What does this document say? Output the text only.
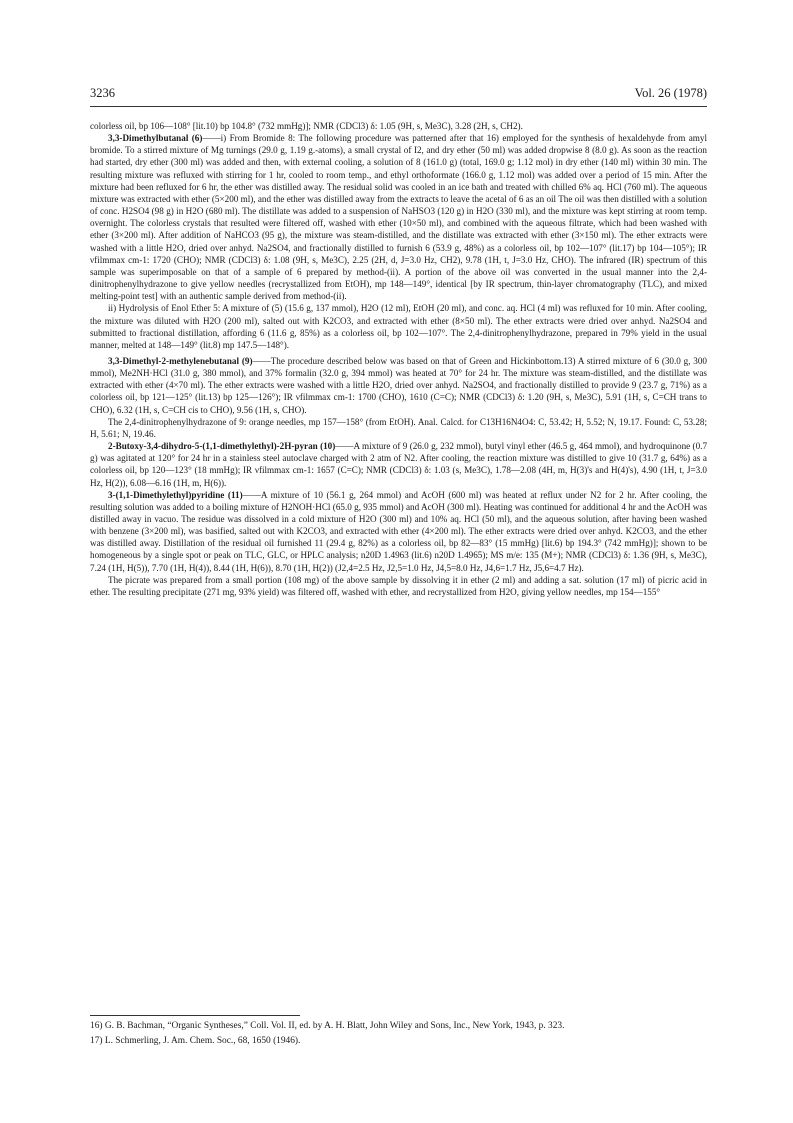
3236	Vol. 26 (1978)

colorless oil, bp 106—108° [lit.10) bp 104.8° (732 mmHg)]; NMR (CDCl3) δ: 1.05 (9H, s, Me3C), 3.28 (2H, s, CH2).

3,3-Dimethylbutanal (6)——i) From Bromide 8: The following procedure was patterned after that 16) employed for the synthesis of hexaldehyde from amyl bromide. To a stirred mixture of Mg turnings (29.0 g, 1.19 g.-atoms), a small crystal of I2, and dry ether (50 ml) was added dropwise 8 (8.0 g). As soon as the reaction had started, dry ether (300 ml) was added and then, with external cooling, a solution of 8 (161.0 g) (total, 169.0 g; 1.12 mol) in dry ether (140 ml) within 30 min. The resulting mixture was refluxed with stirring for 1 hr, cooled to room temp., and ethyl orthoformate (166.0 g, 1.12 mol) was added over a period of 15 min. After the mixture had been refluxed for 6 hr, the ether was distilled away. The residual solid was cooled in an ice bath and treated with chilled 6% aq. HCl (760 ml). The aqueous mixture was extracted with ether (5×200 ml), and the ether was distilled away from the extracts to leave the acetal of 6 as an oil The oil was then distilled with a solution of conc. H2SO4 (98 g) in H2O (680 ml). The distillate was added to a suspension of NaHSO3 (120 g) in H2O (330 ml), and the mixture was kept stirring at room temp. overnight. The colorless crystals that resulted were filtered off, washed with ether (10×50 ml), and combined with the aqueous filtrate, which had been washed with ether (3×200 ml). After addition of NaHCO3 (95 g), the mixture was steam-distilled, and the distillate was extracted with ether (3×150 ml). The ether extracts were washed with a little H2O, dried over anhyd. Na2SO4, and fractionally distilled to furnish 6 (53.9 g, 48%) as a colorless oil, bp 102—107° (lit.17) bp 104—105°); IR νfilmmax cm-1: 1720 (CHO); NMR (CDCl3) δ: 1.08 (9H, s, Me3C), 2.25 (2H, d, J=3.0 Hz, CH2), 9.78 (1H, t, J=3.0 Hz, CHO). The infrared (IR) spectrum of this sample was superimposable on that of a sample of 6 prepared by method-(ii). A portion of the above oil was converted in the usual manner into the 2,4-dinitrophenylhydrazone to give yellow needles (recrystallized from EtOH), mp 148—149°, identical [by IR spectrum, thin-layer chromatography (TLC), and mixed melting-point test] with an authentic sample derived from method-(ii).

ii) Hydrolysis of Enol Ether 5: A mixture of (5) (15.6 g, 137 mmol), H2O (12 ml), EtOH (20 ml), and conc. aq. HCl (4 ml) was refluxed for 10 min. After cooling, the mixture was diluted with H2O (200 ml), salted out with K2CO3, and extracted with ether (8×50 ml). The ether extracts were dried over anhyd. Na2SO4 and submitted to fractional distillation, affording 6 (11.6 g, 85%) as a colorless oil, bp 102—107°. The 2,4-dinitrophenylhydrazone, prepared in 79% yield in the usual manner, melted at 148—149° (lit.8) mp 147.5—148°).

3,3-Dimethyl-2-methylenebutanal (9)——The procedure described below was based on that of Green and Hickinbottom.13) A stirred mixture of 6 (30.0 g, 300 mmol), Me2NH·HCl (31.0 g, 380 mmol), and 37% formalin (32.0 g, 394 mmol) was heated at 70° for 24 hr. The mixture was steam-distilled, and the distillate was extracted with ether (4×70 ml). The ether extracts were washed with a little H2O, dried over anhyd. Na2SO4, and fractionally distilled to provide 9 (23.7 g, 71%) as a colorless oil, bp 121—125° (lit.13) bp 125—126°); IR νfilmmax cm-1: 1700 (CHO), 1610 (C=C); NMR (CDCl3) δ: 1.20 (9H, s, Me3C), 5.91 (1H, s, C=CH trans to CHO), 6.32 (1H, s, C=CH cis to CHO), 9.56 (1H, s, CHO).

The 2,4-dinitrophenylhydrazone of 9: orange needles, mp 157—158° (from EtOH). Anal. Calcd. for C13H16N4O4: C, 53.42; H, 5.52; N, 19.17. Found: C, 53.28; H, 5.61; N, 19.46.

2-Butoxy-3,4-dihydro-5-(1,1-dimethylethyl)-2H-pyran (10)——A mixture of 9 (26.0 g, 232 mmol), butyl vinyl ether (46.5 g, 464 mmol), and hydroquinone (0.7 g) was agitated at 120° for 24 hr in a stainless steel autoclave charged with 2 atm of N2. After cooling, the reaction mixture was distilled to give 10 (31.7 g, 64%) as a colorless oil, bp 120—123° (18 mmHg); IR νfilmmax cm-1: 1657 (C=C); NMR (CDCl3) δ: 1.03 (s, Me3C), 1.78—2.08 (4H, m, H(3)'s and H(4)'s), 4.90 (1H, t, J=3.0 Hz, H(2)), 6.08—6.16 (1H, m, H(6)).

3-(1,1-Dimethylethyl)pyridine (11)——A mixture of 10 (56.1 g, 264 mmol) and AcOH (600 ml) was heated at reflux under N2 for 2 hr. After cooling, the resulting solution was added to a boiling mixture of H2NOH·HCl (65.0 g, 935 mmol) and AcOH (300 ml). Heating was continued for additional 4 hr and the AcOH was distilled away in vacuo. The residue was dissolved in a cold mixture of H2O (300 ml) and 10% aq. HCl (50 ml), and the aqueous solution, after having been washed with benzene (3×200 ml), was basified, salted out with K2CO3, and extracted with ether (4×200 ml). The ether extracts were dried over anhyd. K2CO3, and the ether was distilled away. Distillation of the residual oil furnished 11 (29.4 g, 82%) as a colorless oil, bp 82—83° (15 mmHg) [lit.6) bp 194.3° (742 mmHg)]; shown to be homogeneous by a single spot or peak on TLC, GLC, or HPLC analysis; n20D 1.4963 (lit.6) n20D 1.4965); MS m/e: 135 (M+); NMR (CDCl3) δ: 1.36 (9H, s, Me3C), 7.24 (1H, H(5)), 7.70 (1H, H(4)), 8.44 (1H, H(6)), 8.70 (1H, H(2)) (J2,4=2.5 Hz, J2,5=1.0 Hz, J4,5=8.0 Hz, J4,6=1.7 Hz, J5,6=4.7 Hz).

The picrate was prepared from a small portion (108 mg) of the above sample by dissolving it in ether (2 ml) and adding a sat. solution (17 ml) of picric acid in ether. The resulting precipitate (271 mg, 93% yield) was filtered off, washed with ether, and recrystallized from H2O, giving yellow needles, mp 154—155°

16) G. B. Bachman, “Organic Syntheses,” Coll. Vol. II, ed. by A. H. Blatt, John Wiley and Sons, Inc., New York, 1943, p. 323.

17) L. Schmerling, J. Am. Chem. Soc., 68, 1650 (1946).
